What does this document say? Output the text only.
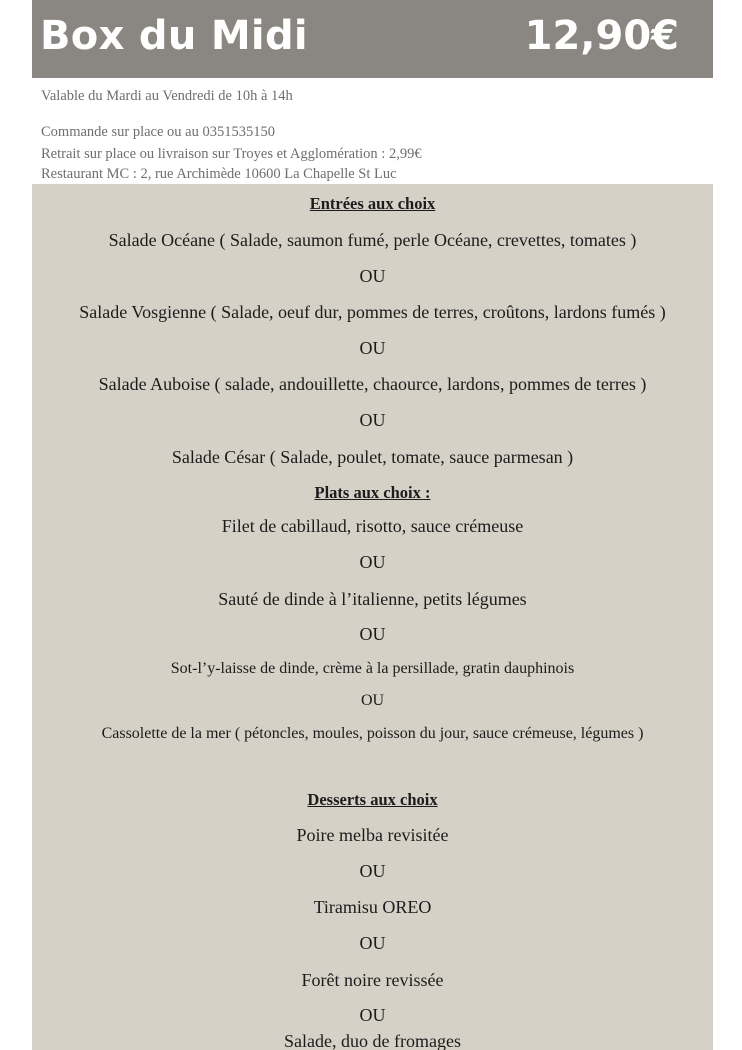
Box du Midi	12,90€
Valable du Mardi au Vendredi de 10h à 14h
Commande sur place ou au 0351535150
Retrait sur place ou livraison sur Troyes et Agglomération : 2,99€
Restaurant MC : 2, rue Archimède 10600 La Chapelle St Luc
Entrées aux choix
Salade Océane ( Salade, saumon fumé, perle Océane, crevettes, tomates )
OU
Salade Vosgienne ( Salade, oeuf dur, pommes de terres, croûtons, lardons fumés )
OU
Salade Auboise ( salade, andouillette, chaource, lardons, pommes de terres )
OU
Salade César ( Salade, poulet, tomate, sauce parmesan )
Plats aux choix :
Filet de cabillaud, risotto, sauce crémeuse
OU
Sauté de dinde à l’italienne, petits légumes
OU
Sot-l’y-laisse de dinde, crème à la persillade, gratin dauphinois
OU
Cassolette de la mer ( pétoncles, moules, poisson du jour, sauce crémeuse, légumes )
Desserts aux choix
Poire melba revisitée
OU
Tiramisu OREO
OU
Forêt noire revissée
OU
Salade, duo de fromages
